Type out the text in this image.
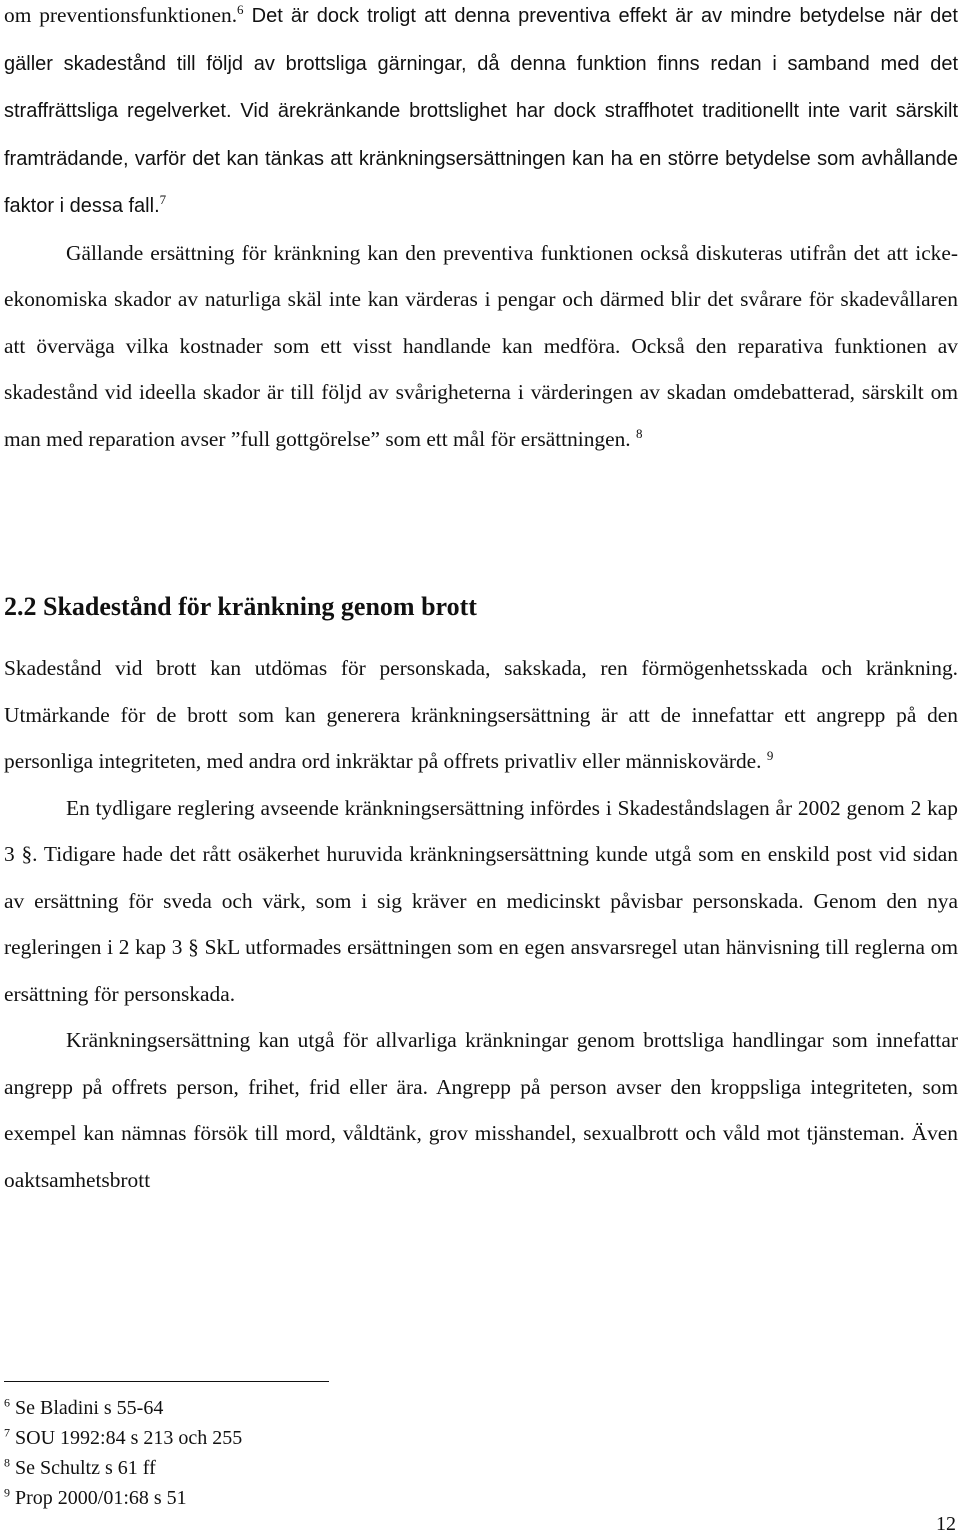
om preventionsfunktionen.$^6$ Det är dock troligt att denna preventiva effekt är av mindre betydelse när det gäller skadestånd till följd av brottsliga gärningar, då denna funktion finns redan i samband med det straffrättsliga regelverket. Vid ärekränkande brottslighet har dock straffhotet traditionellt inte varit särskilt framträdande, varför det kan tänkas att kränkningsersättningen kan ha en större betydelse som avhållande faktor i dessa fall.$^7$

Gällande ersättning för kränkning kan den preventiva funktionen också diskuteras utifrån det att icke-ekonomiska skador av naturliga skäl inte kan värderas i pengar och därmed blir det svårare för skadevållaren att överväga vilka kostnader som ett visst handlande kan medföra. Också den reparativa funktionen av skadestånd vid ideella skador är till följd av svårigheterna i värderingen av skadan omdebatterad, särskilt om man med reparation avser ”full gottgörelse” som ett mål för ersättningen. $^8$

2.2 Skadestånd för kränkning genom brott

Skadestånd vid brott kan utdömas för personskada, sakskada, ren förmögenhetsskada och kränkning. Utmärkande för de brott som kan generera kränkningsersättning är att de innefattar ett angrepp på den personliga integriteten, med andra ord inkräktar på offrets privatliv eller människovärde. $^9$

En tydligare reglering avseende kränkningsersättning infördes i Skadeståndslagen år 2002 genom 2 kap 3 §. Tidigare hade det rått osäkerhet huruvida kränkningsersättning kunde utgå som en enskild post vid sidan av ersättning för sveda och värk, som i sig kräver en medicinskt påvisbar personskada. Genom den nya regleringen i 2 kap 3 § SkL utformades ersättningen som en egen ansvarsregel utan hänvisning till reglerna om ersättning för personskada.

Kränkningsersättning kan utgå för allvarliga kränkningar genom brottsliga handlingar som innefattar angrepp på offrets person, frihet, frid eller ära. Angrepp på person avser den kroppsliga integriteten, som exempel kan nämnas försök till mord, våldtänk, grov misshandel, sexualbrott och våld mot tjänsteman. Även oaktsamhetsbrott

$^6$ Se Bladini s 55-64

$^7$ SOU 1992:84 s 213 och 255

$^8$ Se Schultz s 61 ff

$^9$ Prop 2000/01:68 s 51

12
